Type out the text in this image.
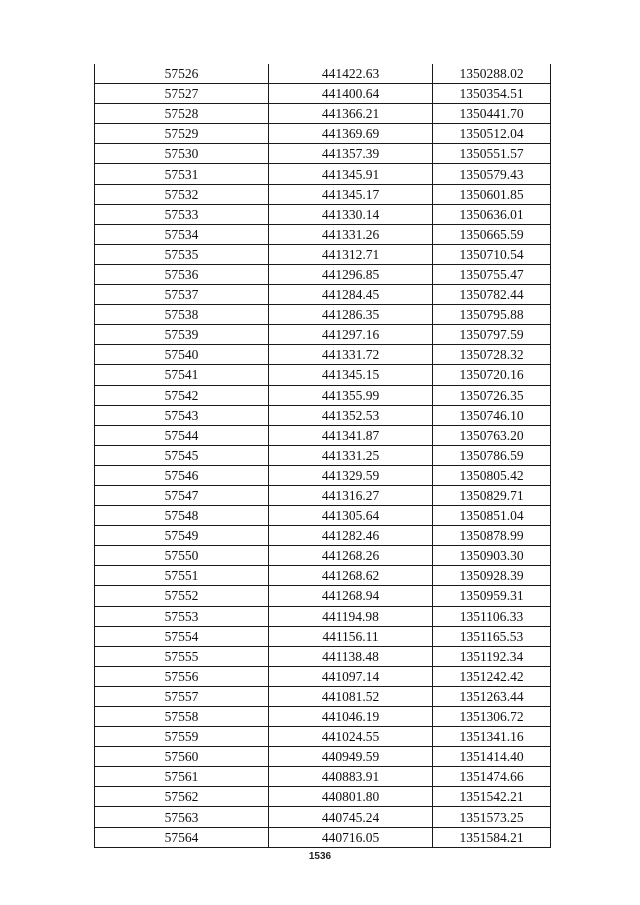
57526	441422.63	1350288.02
57527	441400.64	1350354.51
57528	441366.21	1350441.70
57529	441369.69	1350512.04
57530	441357.39	1350551.57
57531	441345.91	1350579.43
57532	441345.17	1350601.85
57533	441330.14	1350636.01
57534	441331.26	1350665.59
57535	441312.71	1350710.54
57536	441296.85	1350755.47
57537	441284.45	1350782.44
57538	441286.35	1350795.88
57539	441297.16	1350797.59
57540	441331.72	1350728.32
57541	441345.15	1350720.16
57542	441355.99	1350726.35
57543	441352.53	1350746.10
57544	441341.87	1350763.20
57545	441331.25	1350786.59
57546	441329.59	1350805.42
57547	441316.27	1350829.71
57548	441305.64	1350851.04
57549	441282.46	1350878.99
57550	441268.26	1350903.30
57551	441268.62	1350928.39
57552	441268.94	1350959.31
57553	441194.98	1351106.33
57554	441156.11	1351165.53
57555	441138.48	1351192.34
57556	441097.14	1351242.42
57557	441081.52	1351263.44
57558	441046.19	1351306.72
57559	441024.55	1351341.16
57560	440949.59	1351414.40
57561	440883.91	1351474.66
57562	440801.80	1351542.21
57563	440745.24	1351573.25
57564	440716.05	1351584.21
1536
